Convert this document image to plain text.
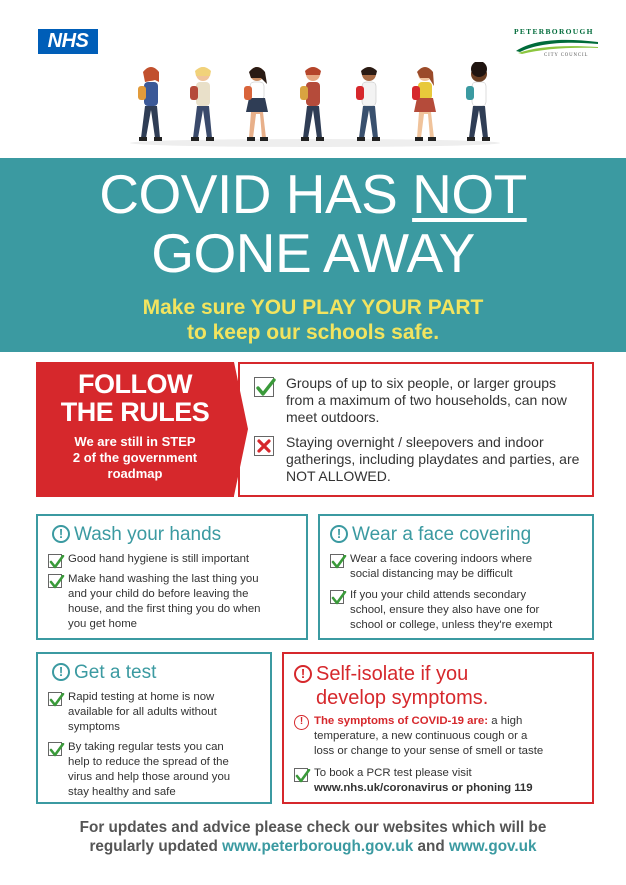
NHS	PETERBOROUGH
CITY COUNCIL
COVID HAS NOT
GONE AWAY
Make sure YOU PLAY YOUR PART
to keep our schools safe.
FOLLOW
THE RULES
We are still in STEP
2 of the government
roadmap
Groups of up to six people, or larger groups from a maximum of two households, can now meet outdoors.
Staying overnight / sleepovers and indoor gatherings, including playdates and parties, are NOT ALLOWED.
! Wash your hands
Good hand hygiene is still important
Make hand washing the last thing you
and your child do before leaving the
house, and the first thing you do when
you get home
! Wear a face covering
Wear a face covering indoors where
social distancing may be difficult
If you your child attends secondary
school, ensure they also have one for
school or college, unless they're exempt
! Get a test
Rapid testing at home is now
available for all adults without
symptoms
By taking regular tests you can
help to reduce the spread of the
virus and help those around you
stay healthy and safe
! Self-isolate if you
develop symptoms.
! The symptoms of COVID-19 are: a high
temperature, a new continuous cough or a
loss or change to your sense of smell or taste
To book a PCR test please visit
www.nhs.uk/coronavirus or phoning 119
For updates and advice please check our websites which will be
regularly updated www.peterborough.gov.uk and www.gov.uk
